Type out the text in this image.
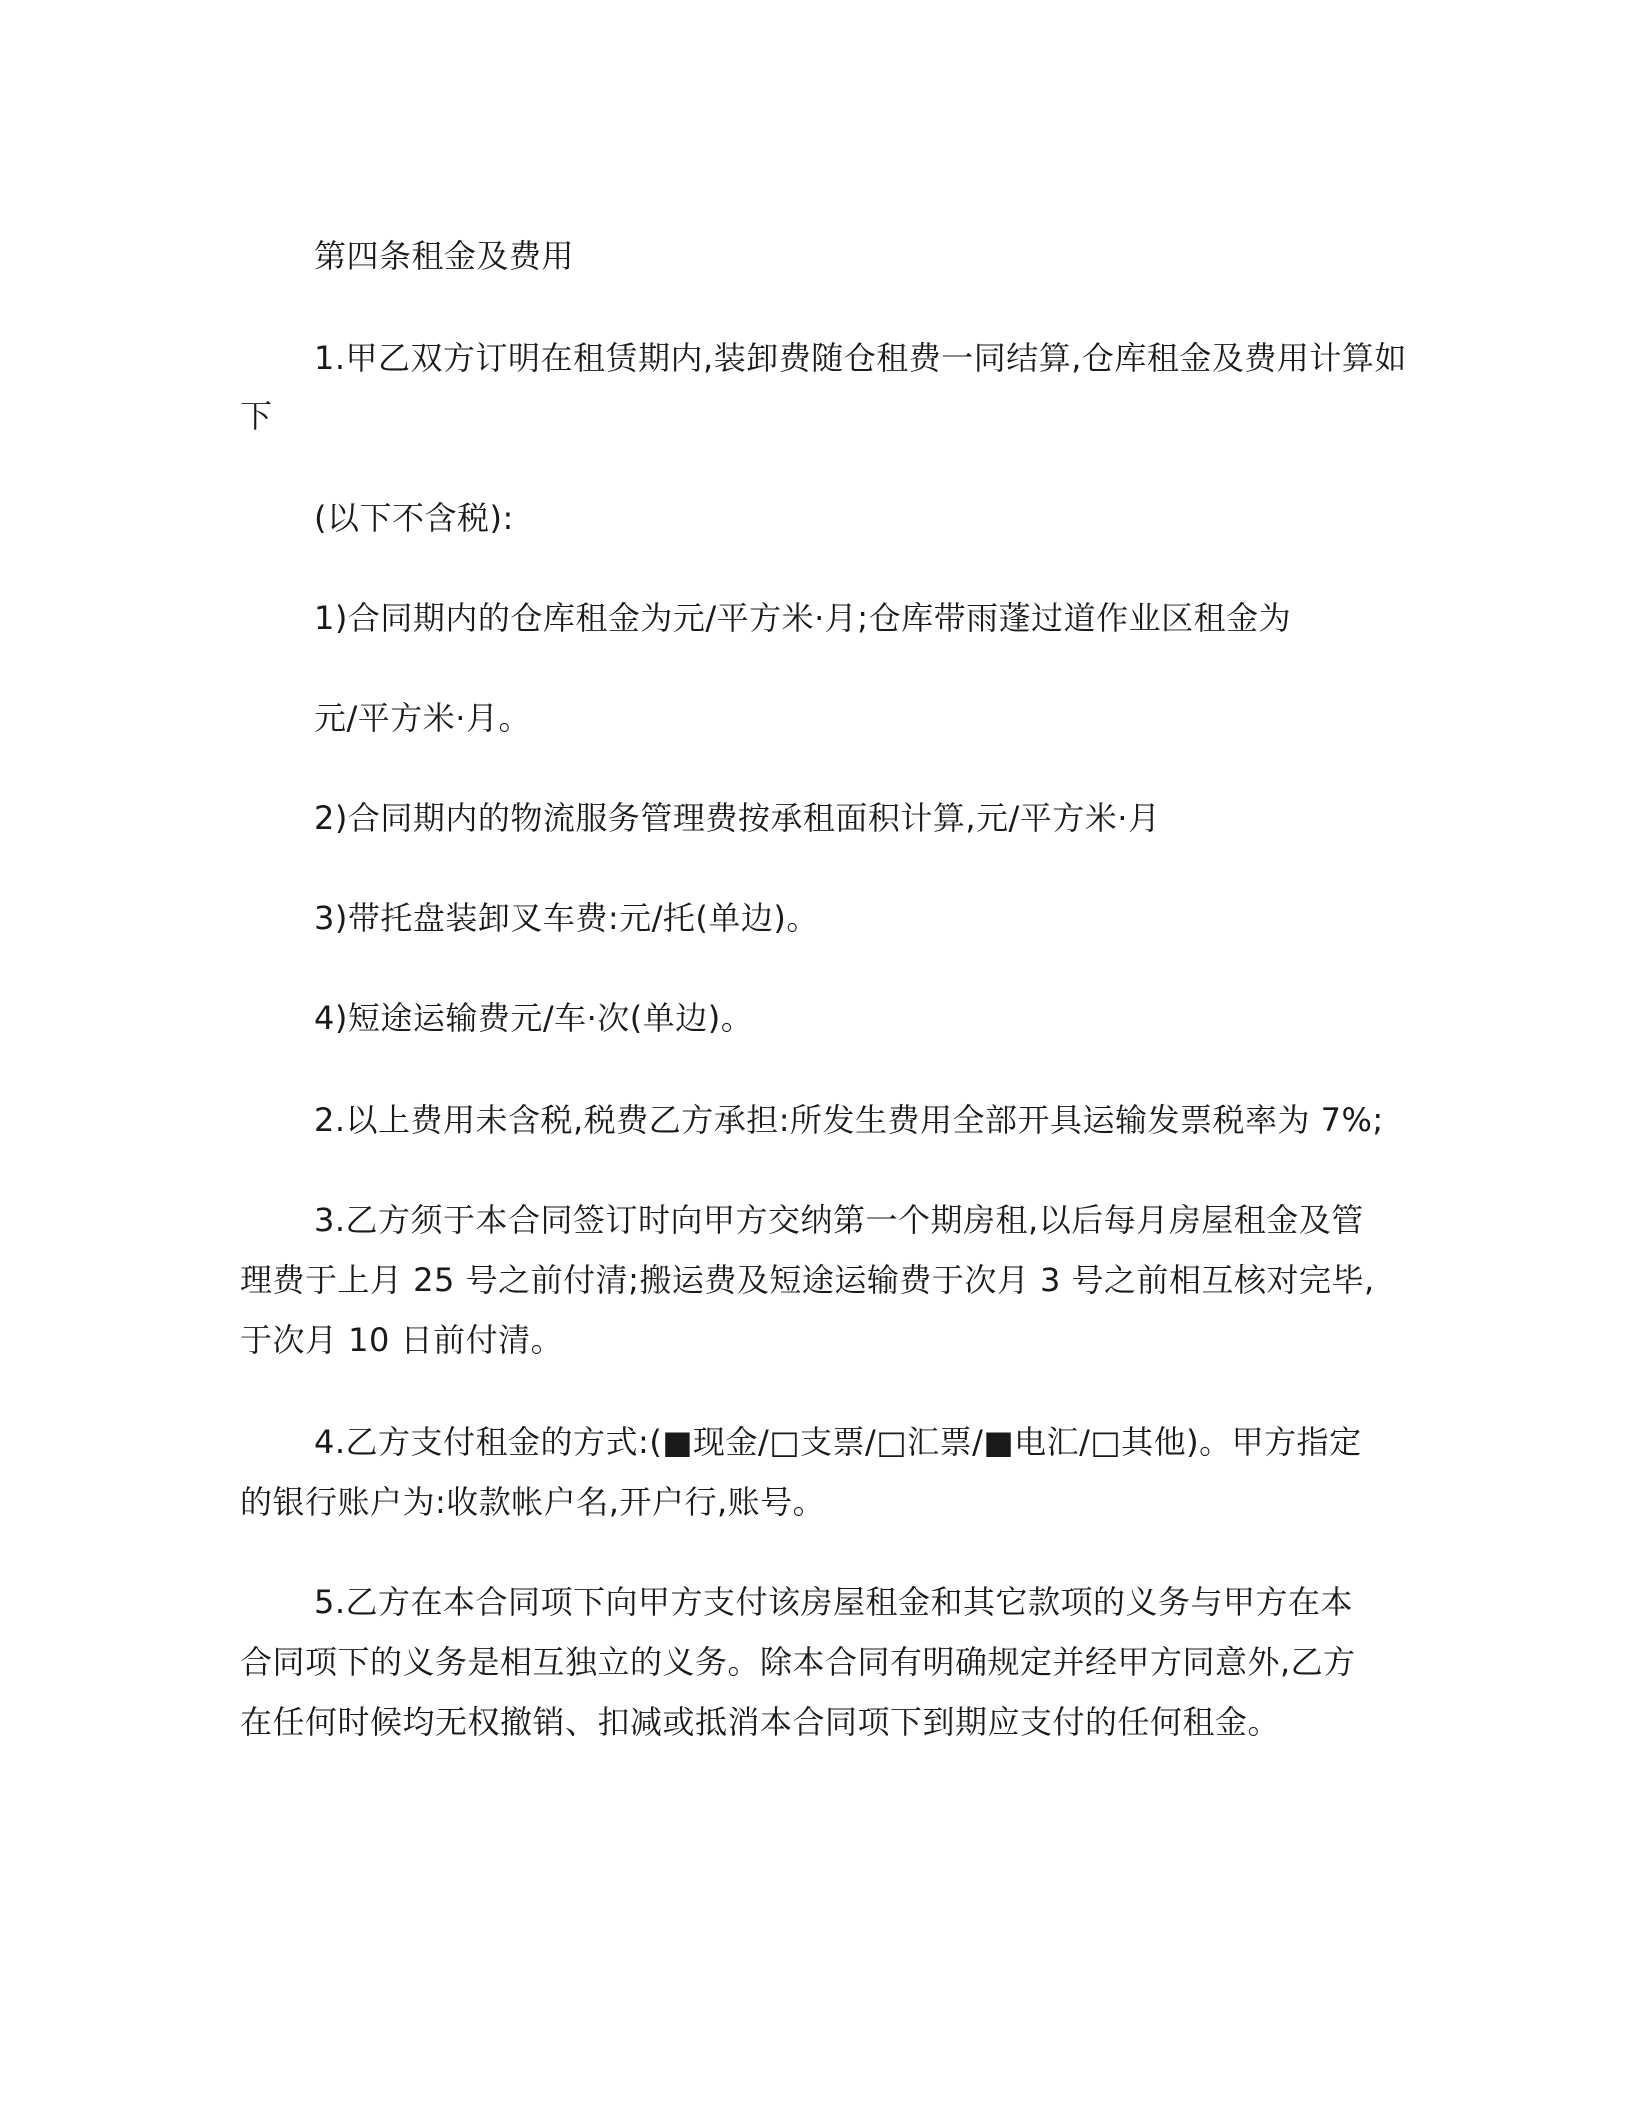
第四条租金及费用
1.甲乙双方订明在租赁期内,装卸费随仓租费一同结算,仓库租金及费用计算如
下
(以下不含税):
1)合同期内的仓库租金为元/平方米·月;仓库带雨蓬过道作业区租金为
元/平方米·月。
2)合同期内的物流服务管理费按承租面积计算,元/平方米·月
3)带托盘装卸叉车费:元/托(单边)。
4)短途运输费元/车·次(单边)。
2.以上费用未含税,税费乙方承担:所发生费用全部开具运输发票税率为 7%;
3.乙方须于本合同签订时向甲方交纳第一个期房租,以后每月房屋租金及管理费于上月 25 号之前付清;搬运费及短途运输费于次月 3 号之前相互核对完毕,于次月 10 日前付清。
4.乙方支付租金的方式:(■现金/□支票/□汇票/■电汇/□其他)。甲方指定的银行账户为:收款帐户名,开户行,账号。
5.乙方在本合同项下向甲方支付该房屋租金和其它款项的义务与甲方在本合同项下的义务是相互独立的义务。除本合同有明确规定并经甲方同意外,乙方在任何时候均无权撤销、扣减或抵消本合同项下到期应支付的任何租金。
